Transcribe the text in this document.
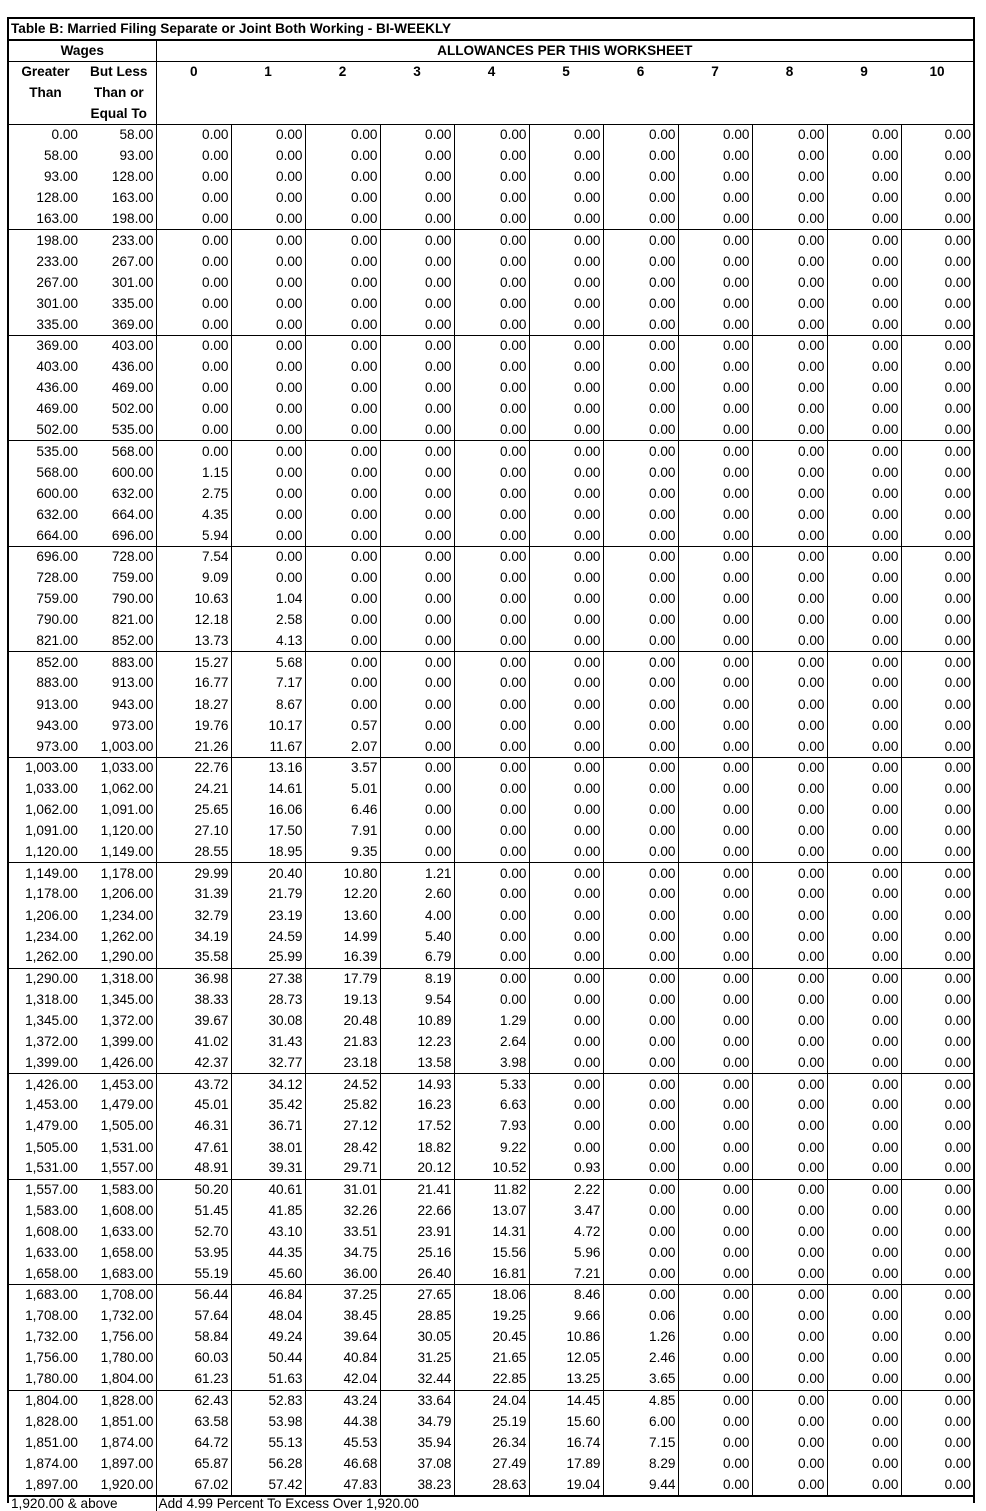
Table B: Married Filing Separate or Joint Both Working - BI-WEEKLY												
Wages		ALLOWANCES PER THIS WORKSHEET										
Greater	But Less	0	1	2	3	4	5	6	7	8	9	10
Than	Than or											
	Equal To											
0.00	58.00	0.00	0.00	0.00	0.00	0.00	0.00	0.00	0.00	0.00	0.00	0.00
58.00	93.00	0.00	0.00	0.00	0.00	0.00	0.00	0.00	0.00	0.00	0.00	0.00
93.00	128.00	0.00	0.00	0.00	0.00	0.00	0.00	0.00	0.00	0.00	0.00	0.00
128.00	163.00	0.00	0.00	0.00	0.00	0.00	0.00	0.00	0.00	0.00	0.00	0.00
163.00	198.00	0.00	0.00	0.00	0.00	0.00	0.00	0.00	0.00	0.00	0.00	0.00
198.00	233.00	0.00	0.00	0.00	0.00	0.00	0.00	0.00	0.00	0.00	0.00	0.00
233.00	267.00	0.00	0.00	0.00	0.00	0.00	0.00	0.00	0.00	0.00	0.00	0.00
267.00	301.00	0.00	0.00	0.00	0.00	0.00	0.00	0.00	0.00	0.00	0.00	0.00
301.00	335.00	0.00	0.00	0.00	0.00	0.00	0.00	0.00	0.00	0.00	0.00	0.00
335.00	369.00	0.00	0.00	0.00	0.00	0.00	0.00	0.00	0.00	0.00	0.00	0.00
369.00	403.00	0.00	0.00	0.00	0.00	0.00	0.00	0.00	0.00	0.00	0.00	0.00
403.00	436.00	0.00	0.00	0.00	0.00	0.00	0.00	0.00	0.00	0.00	0.00	0.00
436.00	469.00	0.00	0.00	0.00	0.00	0.00	0.00	0.00	0.00	0.00	0.00	0.00
469.00	502.00	0.00	0.00	0.00	0.00	0.00	0.00	0.00	0.00	0.00	0.00	0.00
502.00	535.00	0.00	0.00	0.00	0.00	0.00	0.00	0.00	0.00	0.00	0.00	0.00
535.00	568.00	0.00	0.00	0.00	0.00	0.00	0.00	0.00	0.00	0.00	0.00	0.00
568.00	600.00	1.15	0.00	0.00	0.00	0.00	0.00	0.00	0.00	0.00	0.00	0.00
600.00	632.00	2.75	0.00	0.00	0.00	0.00	0.00	0.00	0.00	0.00	0.00	0.00
632.00	664.00	4.35	0.00	0.00	0.00	0.00	0.00	0.00	0.00	0.00	0.00	0.00
664.00	696.00	5.94	0.00	0.00	0.00	0.00	0.00	0.00	0.00	0.00	0.00	0.00
696.00	728.00	7.54	0.00	0.00	0.00	0.00	0.00	0.00	0.00	0.00	0.00	0.00
728.00	759.00	9.09	0.00	0.00	0.00	0.00	0.00	0.00	0.00	0.00	0.00	0.00
759.00	790.00	10.63	1.04	0.00	0.00	0.00	0.00	0.00	0.00	0.00	0.00	0.00
790.00	821.00	12.18	2.58	0.00	0.00	0.00	0.00	0.00	0.00	0.00	0.00	0.00
821.00	852.00	13.73	4.13	0.00	0.00	0.00	0.00	0.00	0.00	0.00	0.00	0.00
852.00	883.00	15.27	5.68	0.00	0.00	0.00	0.00	0.00	0.00	0.00	0.00	0.00
883.00	913.00	16.77	7.17	0.00	0.00	0.00	0.00	0.00	0.00	0.00	0.00	0.00
913.00	943.00	18.27	8.67	0.00	0.00	0.00	0.00	0.00	0.00	0.00	0.00	0.00
943.00	973.00	19.76	10.17	0.57	0.00	0.00	0.00	0.00	0.00	0.00	0.00	0.00
973.00	1,003.00	21.26	11.67	2.07	0.00	0.00	0.00	0.00	0.00	0.00	0.00	0.00
1,003.00	1,033.00	22.76	13.16	3.57	0.00	0.00	0.00	0.00	0.00	0.00	0.00	0.00
1,033.00	1,062.00	24.21	14.61	5.01	0.00	0.00	0.00	0.00	0.00	0.00	0.00	0.00
1,062.00	1,091.00	25.65	16.06	6.46	0.00	0.00	0.00	0.00	0.00	0.00	0.00	0.00
1,091.00	1,120.00	27.10	17.50	7.91	0.00	0.00	0.00	0.00	0.00	0.00	0.00	0.00
1,120.00	1,149.00	28.55	18.95	9.35	0.00	0.00	0.00	0.00	0.00	0.00	0.00	0.00
1,149.00	1,178.00	29.99	20.40	10.80	1.21	0.00	0.00	0.00	0.00	0.00	0.00	0.00
1,178.00	1,206.00	31.39	21.79	12.20	2.60	0.00	0.00	0.00	0.00	0.00	0.00	0.00
1,206.00	1,234.00	32.79	23.19	13.60	4.00	0.00	0.00	0.00	0.00	0.00	0.00	0.00
1,234.00	1,262.00	34.19	24.59	14.99	5.40	0.00	0.00	0.00	0.00	0.00	0.00	0.00
1,262.00	1,290.00	35.58	25.99	16.39	6.79	0.00	0.00	0.00	0.00	0.00	0.00	0.00
1,290.00	1,318.00	36.98	27.38	17.79	8.19	0.00	0.00	0.00	0.00	0.00	0.00	0.00
1,318.00	1,345.00	38.33	28.73	19.13	9.54	0.00	0.00	0.00	0.00	0.00	0.00	0.00
1,345.00	1,372.00	39.67	30.08	20.48	10.89	1.29	0.00	0.00	0.00	0.00	0.00	0.00
1,372.00	1,399.00	41.02	31.43	21.83	12.23	2.64	0.00	0.00	0.00	0.00	0.00	0.00
1,399.00	1,426.00	42.37	32.77	23.18	13.58	3.98	0.00	0.00	0.00	0.00	0.00	0.00
1,426.00	1,453.00	43.72	34.12	24.52	14.93	5.33	0.00	0.00	0.00	0.00	0.00	0.00
1,453.00	1,479.00	45.01	35.42	25.82	16.23	6.63	0.00	0.00	0.00	0.00	0.00	0.00
1,479.00	1,505.00	46.31	36.71	27.12	17.52	7.93	0.00	0.00	0.00	0.00	0.00	0.00
1,505.00	1,531.00	47.61	38.01	28.42	18.82	9.22	0.00	0.00	0.00	0.00	0.00	0.00
1,531.00	1,557.00	48.91	39.31	29.71	20.12	10.52	0.93	0.00	0.00	0.00	0.00	0.00
1,557.00	1,583.00	50.20	40.61	31.01	21.41	11.82	2.22	0.00	0.00	0.00	0.00	0.00
1,583.00	1,608.00	51.45	41.85	32.26	22.66	13.07	3.47	0.00	0.00	0.00	0.00	0.00
1,608.00	1,633.00	52.70	43.10	33.51	23.91	14.31	4.72	0.00	0.00	0.00	0.00	0.00
1,633.00	1,658.00	53.95	44.35	34.75	25.16	15.56	5.96	0.00	0.00	0.00	0.00	0.00
1,658.00	1,683.00	55.19	45.60	36.00	26.40	16.81	7.21	0.00	0.00	0.00	0.00	0.00
1,683.00	1,708.00	56.44	46.84	37.25	27.65	18.06	8.46	0.00	0.00	0.00	0.00	0.00
1,708.00	1,732.00	57.64	48.04	38.45	28.85	19.25	9.66	0.06	0.00	0.00	0.00	0.00
1,732.00	1,756.00	58.84	49.24	39.64	30.05	20.45	10.86	1.26	0.00	0.00	0.00	0.00
1,756.00	1,780.00	60.03	50.44	40.84	31.25	21.65	12.05	2.46	0.00	0.00	0.00	0.00
1,780.00	1,804.00	61.23	51.63	42.04	32.44	22.85	13.25	3.65	0.00	0.00	0.00	0.00
1,804.00	1,828.00	62.43	52.83	43.24	33.64	24.04	14.45	4.85	0.00	0.00	0.00	0.00
1,828.00	1,851.00	63.58	53.98	44.38	34.79	25.19	15.60	6.00	0.00	0.00	0.00	0.00
1,851.00	1,874.00	64.72	55.13	45.53	35.94	26.34	16.74	7.15	0.00	0.00	0.00	0.00
1,874.00	1,897.00	65.87	56.28	46.68	37.08	27.49	17.89	8.29	0.00	0.00	0.00	0.00
1,897.00	1,920.00	67.02	57.42	47.83	38.23	28.63	19.04	9.44	0.00	0.00	0.00	0.00
1,920.00 & above		Add 4.99 Percent To Excess Over 1,920.00										
